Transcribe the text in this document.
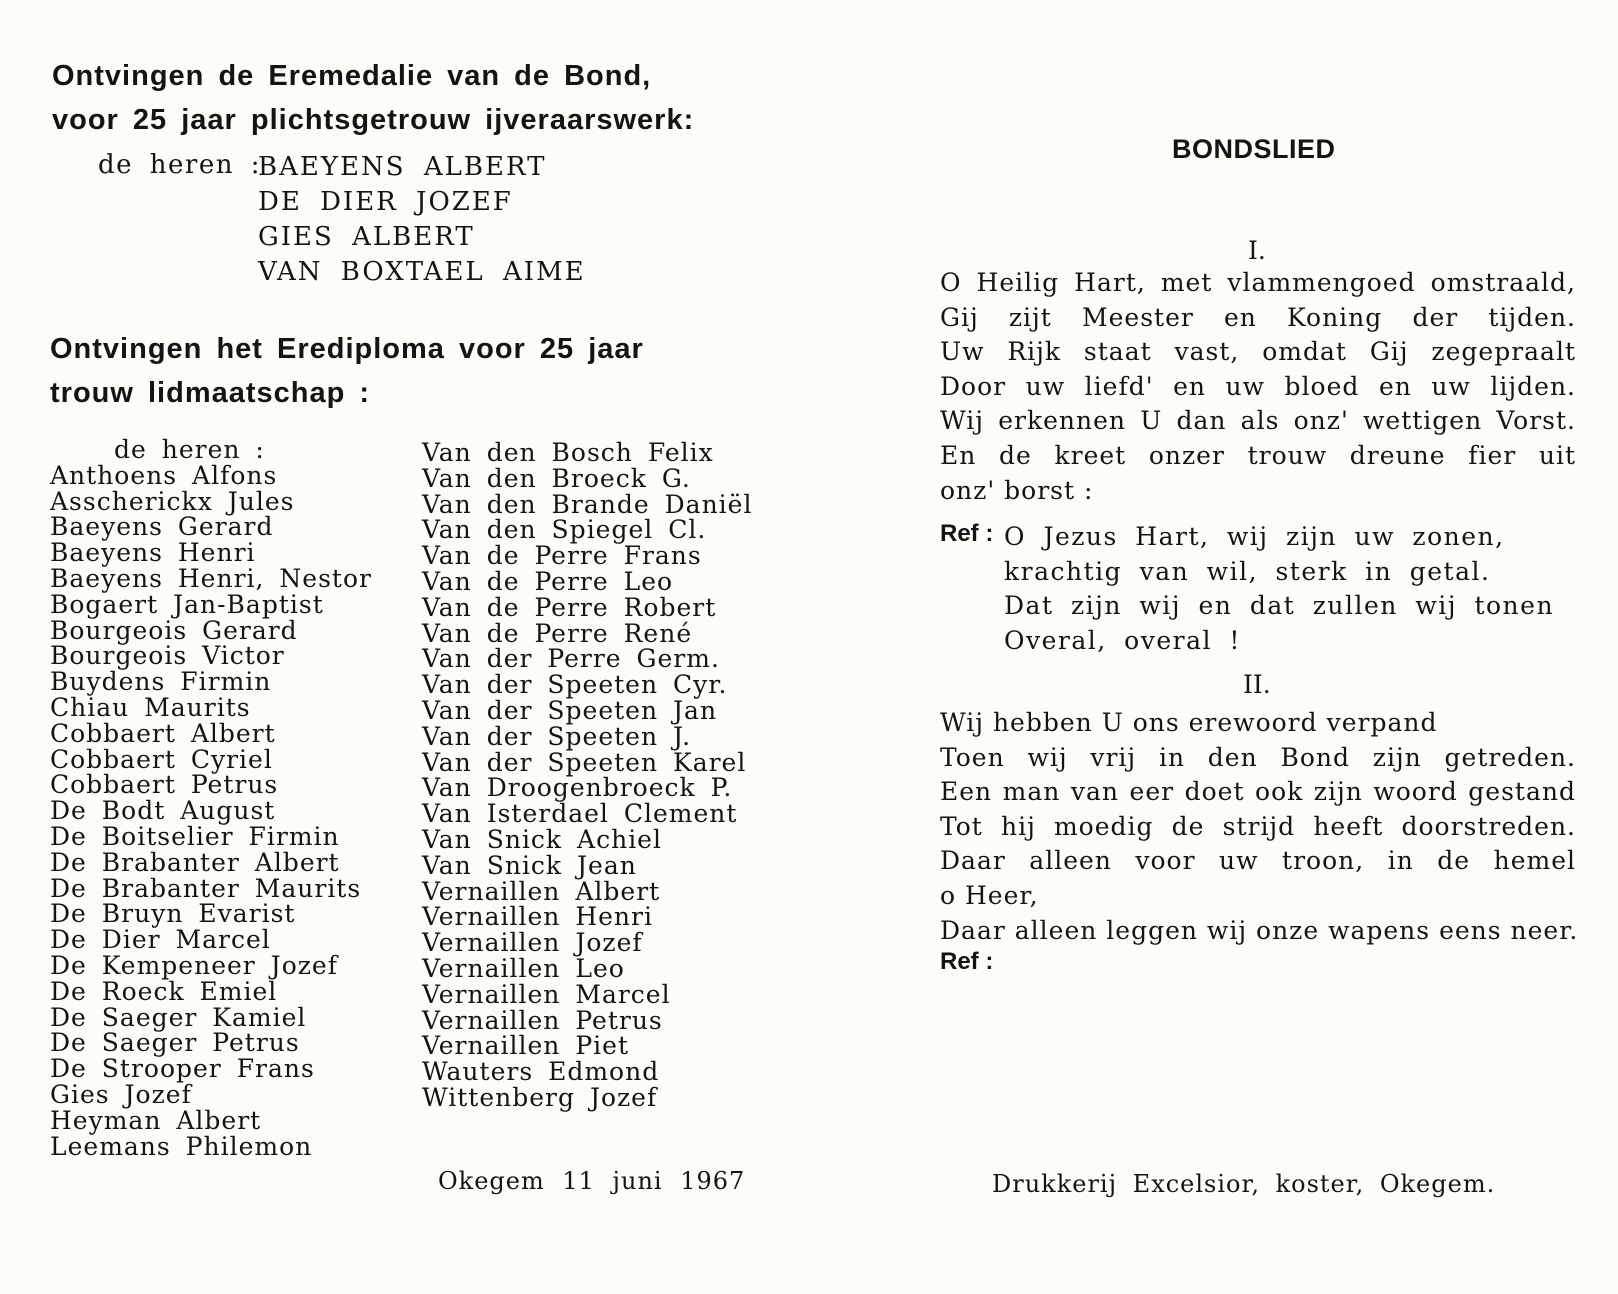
Ontvingen de Eremedalie van de Bond,
voor 25 jaar plichtsgetrouw ijveraarswerk:
de heren :
BAEYENS ALBERT
DE DIER JOZEF
GIES ALBERT
VAN BOXTAEL AIME
Ontvingen het Erediploma voor 25 jaar
trouw lidmaatschap :
de heren :
Anthoens Alfons
Asscherickx Jules
Baeyens Gerard
Baeyens Henri
Baeyens Henri, Nestor
Bogaert Jan-Baptist
Bourgeois Gerard
Bourgeois Victor
Buydens Firmin
Chiau Maurits
Cobbaert Albert
Cobbaert Cyriel
Cobbaert Petrus
De Bodt August
De Boitselier Firmin
De Brabanter Albert
De Brabanter Maurits
De Bruyn Evarist
De Dier Marcel
De Kempeneer Jozef
De Roeck Emiel
De Saeger Kamiel
De Saeger Petrus
De Strooper Frans
Gies Jozef
Heyman Albert
Leemans Philemon
Van den Bosch Felix
Van den Broeck G.
Van den Brande Daniël
Van den Spiegel Cl.
Van de Perre Frans
Van de Perre Leo
Van de Perre Robert
Van de Perre René
Van der Perre Germ.
Van der Speeten Cyr.
Van der Speeten Jan
Van der Speeten J.
Van der Speeten Karel
Van Droogenbroeck P.
Van Isterdael Clement
Van Snick Achiel
Van Snick Jean
Vernaillen Albert
Vernaillen Henri
Vernaillen Jozef
Vernaillen Leo
Vernaillen Marcel
Vernaillen Petrus
Vernaillen Piet
Wauters Edmond
Wittenberg Jozef
Okegem 11 juni 1967
BONDSLIED
I.
O Heilig Hart, met vlammengoed omstraald,
Gij zijt Meester en Koning der tijden.
Uw Rijk staat vast, omdat Gij zegepraalt
Door uw liefd' en uw bloed en uw lijden.
Wij erkennen U dan als onz' wettigen Vorst.
En de kreet onzer trouw dreune fier uit
onz' borst :
Ref : O Jezus Hart, wij zijn uw zonen,
krachtig van wil, sterk in getal.
Dat zijn wij en dat zullen wij tonen
Overal, overal !
II.
Wij hebben U ons erewoord verpand
Toen wij vrij in den Bond zijn getreden.
Een man van eer doet ook zijn woord gestand
Tot hij moedig de strijd heeft doorstreden.
Daar alleen voor uw troon, in de hemel
o Heer,
Daar alleen leggen wij onze wapens eens neer.
Ref :
Drukkerij Excelsior, koster, Okegem.
